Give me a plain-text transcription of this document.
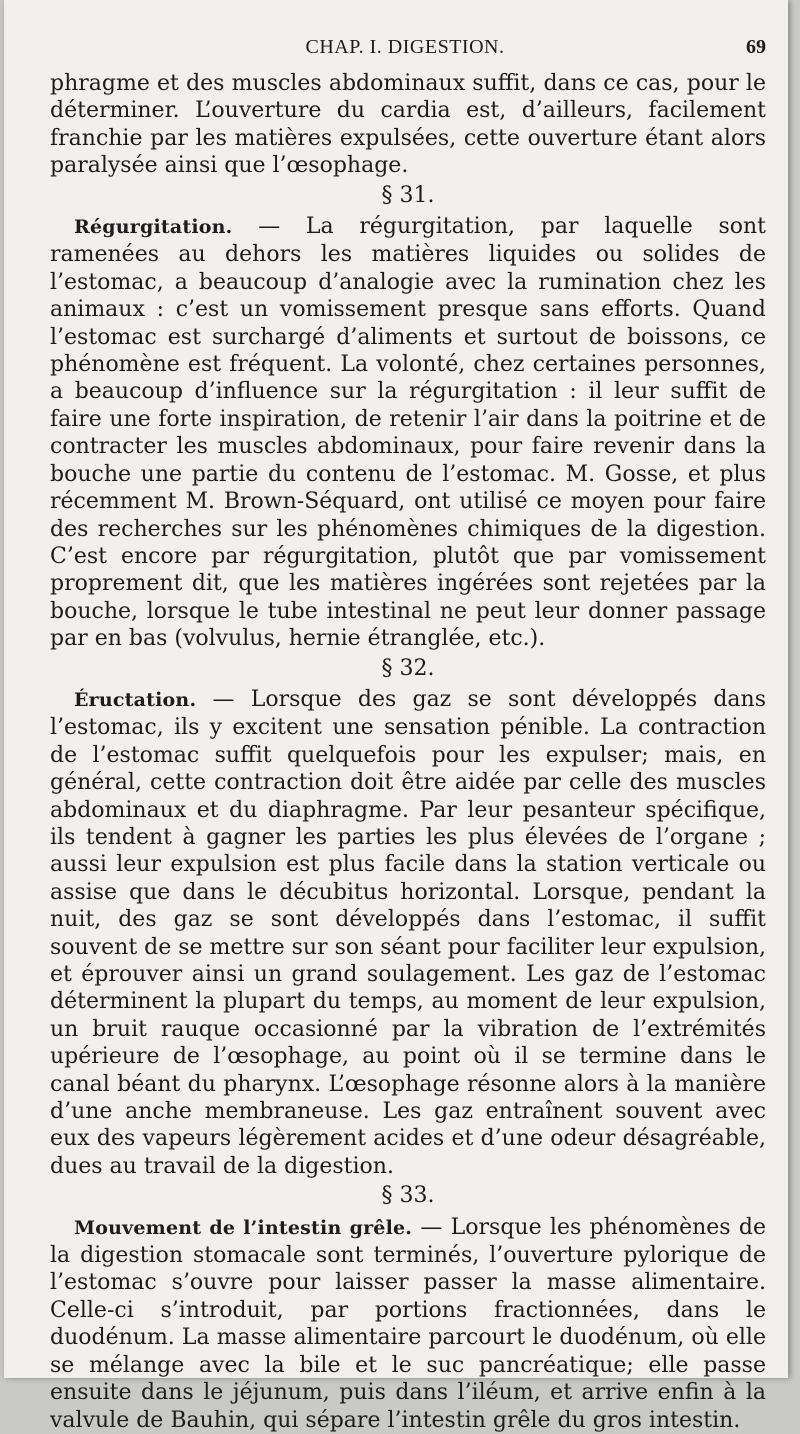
CHAP. I. DIGESTION.	69

phragme et des muscles abdominaux suffit, dans ce cas, pour le déterminer. L’ouverture du cardia est, d’ailleurs, facilement franchie par les matières expulsées, cette ouverture étant alors paralysée ainsi que l’œsophage.

§ 31.

Régurgitation. — La régurgitation, par laquelle sont ramenées au dehors les matières liquides ou solides de l’estomac, a beaucoup d’analogie avec la rumination chez les animaux : c’est un vomissement presque sans efforts. Quand l’estomac est surchargé d’aliments et surtout de boissons, ce phénomène est fréquent. La volonté, chez certaines personnes, a beaucoup d’influence sur la régurgitation : il leur suffit de faire une forte inspiration, de retenir l’air dans la poitrine et de contracter les muscles abdominaux, pour faire revenir dans la bouche une partie du contenu de l’estomac. M. Gosse, et plus récemment M. Brown-Séquard, ont utilisé ce moyen pour faire des recherches sur les phénomènes chimiques de la digestion. C’est encore par régurgitation, plutôt que par vomissement proprement dit, que les matières ingérées sont rejetées par la bouche, lorsque le tube intestinal ne peut leur donner passage par en bas (volvulus, hernie étranglée, etc.).

§ 32.

Éructation. — Lorsque des gaz se sont développés dans l’estomac, ils y excitent une sensation pénible. La contraction de l’estomac suffit quelquefois pour les expulser; mais, en général, cette contraction doit être aidée par celle des muscles abdominaux et du diaphragme. Par leur pesanteur spécifique, ils tendent à gagner les parties les plus élevées de l’organe ; aussi leur expulsion est plus facile dans la station verticale ou assise que dans le décubitus horizontal. Lorsque, pendant la nuit, des gaz se sont développés dans l’estomac, il suffit souvent de se mettre sur son séant pour faciliter leur expulsion, et éprouver ainsi un grand soulagement. Les gaz de l’estomac déterminent la plupart du temps, au moment de leur expulsion, un bruit rauque occasionné par la vibration de l’extrémités upérieure de l’œsophage, au point où il se termine dans le canal béant du pharynx. L’œsophage résonne alors à la manière d’une anche membraneuse. Les gaz entraînent souvent avec eux des vapeurs légèrement acides et d’une odeur désagréable, dues au travail de la digestion.

§ 33.

Mouvement de l’intestin grêle. — Lorsque les phénomènes de la digestion stomacale sont terminés, l’ouverture pylorique de l’estomac s’ouvre pour laisser passer la masse alimentaire. Celle-ci s’introduit, par portions fractionnées, dans le duodénum. La masse alimentaire parcourt le duodénum, où elle se mélange avec la bile et le suc pancréatique; elle passe ensuite dans le jéjunum, puis dans l’iléum, et arrive enfin à la valvule de Bauhin, qui sépare l’intestin grêle du gros intestin.
